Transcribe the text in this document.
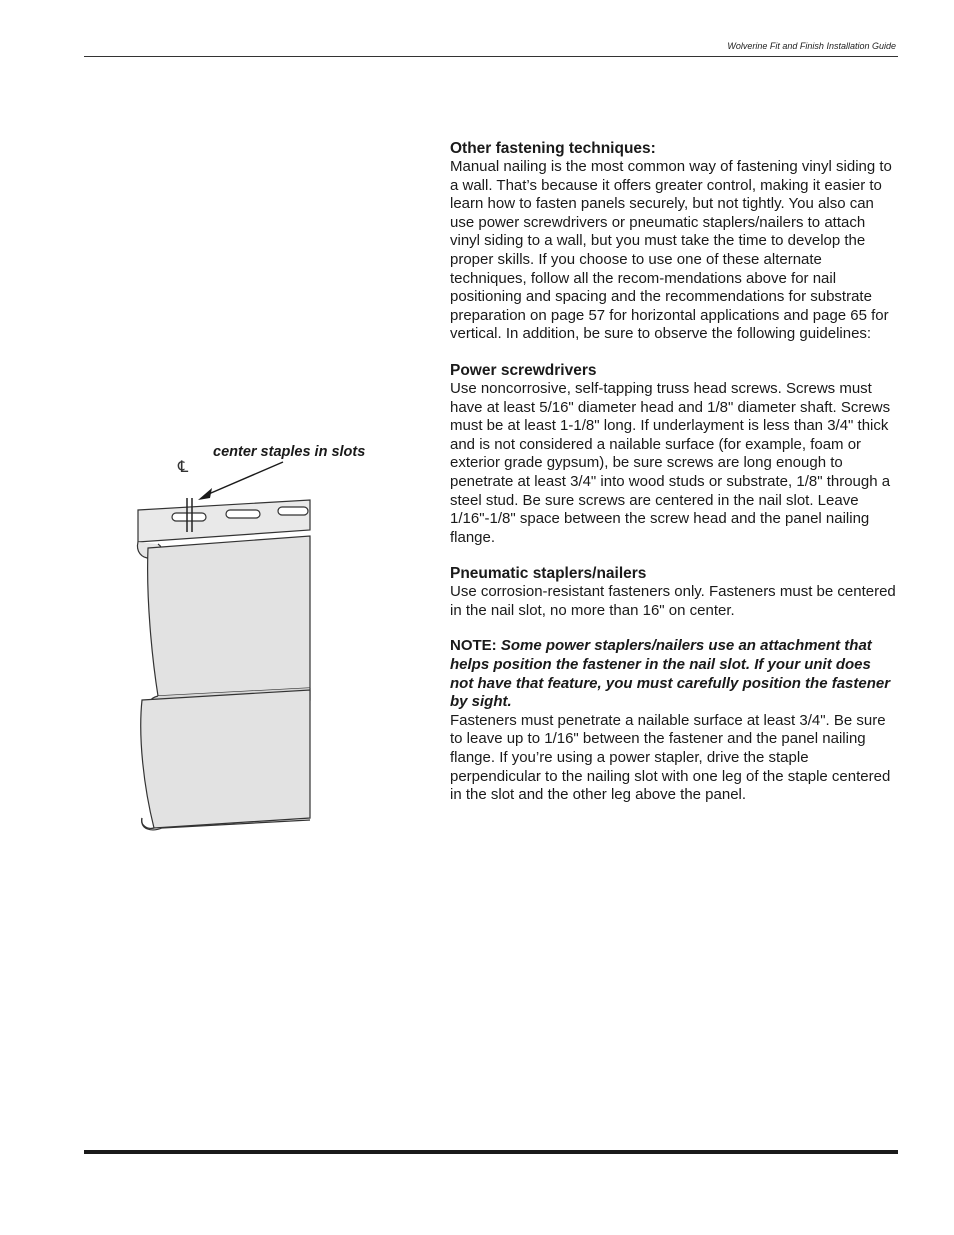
Wolverine Fit and Finish Installation Guide
℄
center staples in slots
Other fastening techniques:

Manual nailing is the most common way of fastening vinyl siding to a wall. That’s because it offers greater control, making it easier to learn how to fasten panels securely, but not tightly. You also can use power screwdrivers or pneumatic staplers/nailers to attach vinyl siding to a wall, but you must take the time to develop the proper skills. If you choose to use one of these alternate techniques, follow all the recom-mendations above for nail positioning and spacing and the recommendations for substrate preparation on page 57 for horizontal applications and page 65 for vertical. In addition, be sure to observe the following guidelines:

Power screwdrivers

Use noncorrosive, self-tapping truss head screws. Screws must have at least 5/16" diameter head and 1/8" diameter shaft. Screws must be at least 1-1/8" long. If underlayment is less than 3/4" thick and is not considered a nailable surface (for example, foam or exterior grade gypsum), be sure screws are long enough to penetrate at least 3/4" into wood studs or substrate, 1/8" through a steel stud. Be sure screws are centered in the nail slot. Leave 1/16"-1/8" space between the screw head and the panel nailing flange.

Pneumatic staplers/nailers

Use corrosion-resistant fasteners only. Fasteners must be centered in the nail slot, no more than 16" on center.

NOTE: Some power staplers/nailers use an attachment that helps position the fastener in the nail slot. If your unit does not have that feature, you must carefully position the fastener by sight.

Fasteners must penetrate a nailable surface at least 3/4". Be sure to leave up to 1/16" between the fastener and the panel nailing flange. If you’re using a power stapler, drive the staple perpendicular to the nailing slot with one leg of the staple centered in the slot and the other leg above the panel.
